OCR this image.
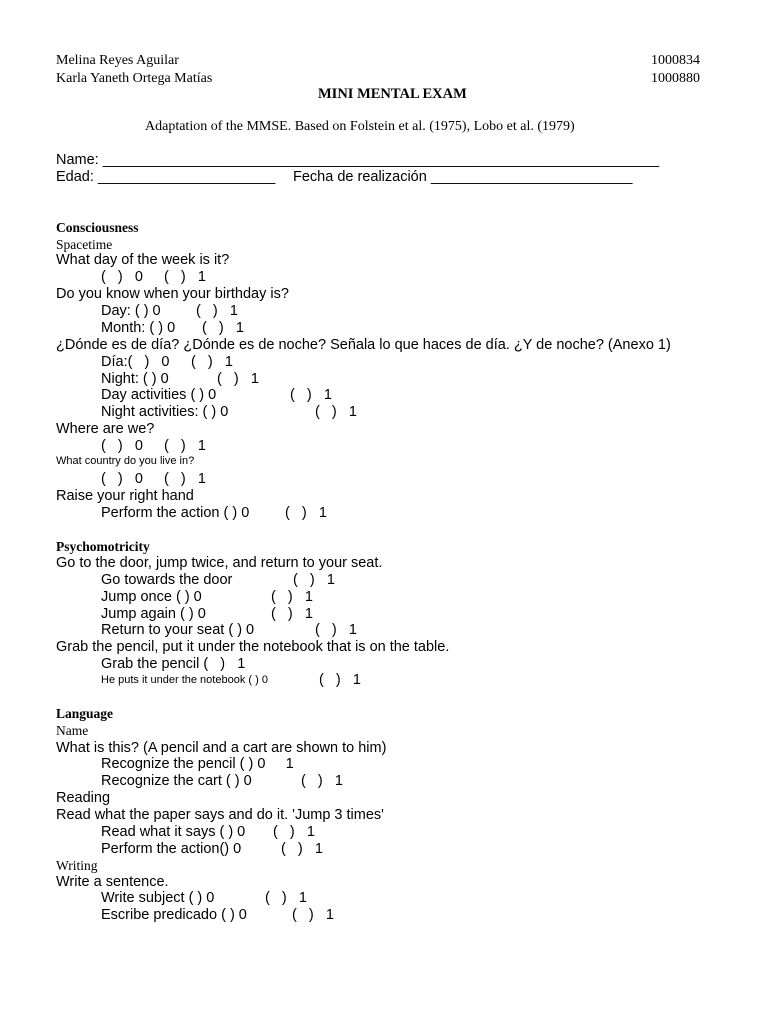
Melina Reyes Aguilar	1000834
Karla Yaneth Ortega Matías	1000880
MINI MENTAL EXAM
Adaptation of the MMSE. Based on Folstein et al. (1975), Lobo et al. (1979)
Name: _____________________________________________________________________
Edad: ______________________ Fecha de realización _________________________
Consciousness
Spacetime
What day of the week is it?
(   )   0 (   )   1
Do you know when your birthday is?
Day: ( ) 0 (   )   1
Month: ( ) 0 (   )   1
¿Dónde es de día? ¿Dónde es de noche? Señala lo que haces de día. ¿Y de noche? (Anexo 1)
Día:(   )   0 (   )   1
Night: ( ) 0	(   )   1
Day activities ( ) 0	(   )   1
Night activities: ( ) 0	(   )   1
Where are we?
(   )   0 (   )   1
What country do you live in?
(   )   0 (   )   1
Raise your right hand
Perform the action ( ) 0 (   )   1
Psychomotricity
Go to the door, jump twice, and return to your seat.
Go towards the door	(   )   1
Jump once ( ) 0	(   )   1
Jump again ( ) 0	(   )   1
Return to your seat ( ) 0	(   )   1
Grab the pencil, put it under the notebook that is on the table.
Grab the pencil (   )   1
He puts it under the notebook ( ) 0	(   )   1
Language
Name
What is this? (A pencil and a cart are shown to him)
Recognize the pencil ( ) 0     1
Recognize the cart ( ) 0	(   )   1
Reading
Read what the paper says and do it. 'Jump 3 times'
Read what it says ( ) 0 (   )   1
Perform the action() 0	(   )   1
Writing
Write a sentence.
Write subject ( ) 0	(   )   1
Escribe predicado ( ) 0	(   )   1
